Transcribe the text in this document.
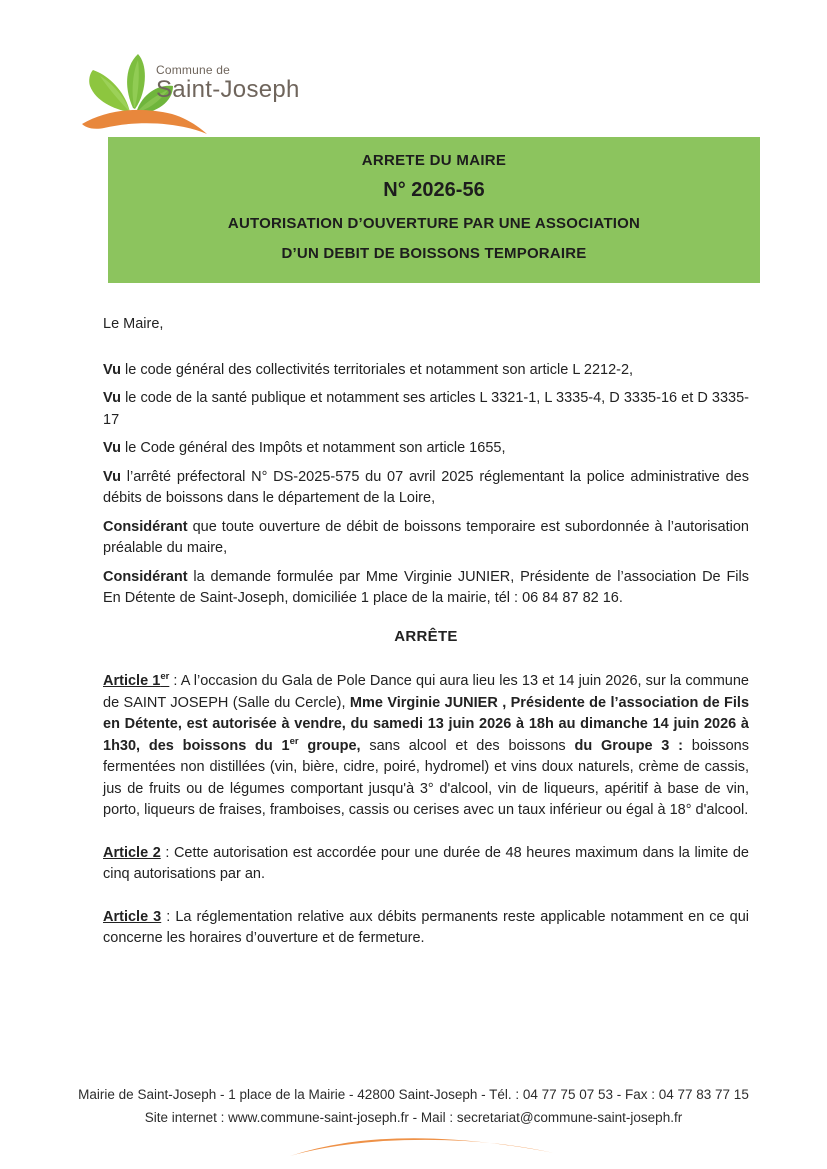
Commune de
Saint-Joseph
ARRETE DU MAIRE
N° 2026-56
AUTORISATION D’OUVERTURE PAR UNE ASSOCIATION
D’UN DEBIT DE BOISSONS TEMPORAIRE

Le Maire,

Vu le code général des collectivités territoriales et notamment son article L 2212-2,

Vu le code de la santé publique et notamment ses articles L 3321-1, L 3335-4, D 3335-16 et D 3335-17

Vu le Code général des Impôts et notamment son article 1655,

Vu l’arrêté préfectoral N° DS-2025-575 du 07 avril 2025 réglementant la police administrative des débits de boissons dans le département de la Loire,

Considérant que toute ouverture de débit de boissons temporaire est subordonnée à l’autorisation préalable du maire,

Considérant la demande formulée par Mme Virginie JUNIER, Présidente de l’association De Fils En Détente de Saint-Joseph, domiciliée 1 place de la mairie, tél : 06 84 87 82 16.

ARRÊTE

Article 1er : A l’occasion du Gala de Pole Dance qui aura lieu les 13 et 14 juin 2026, sur la commune de SAINT JOSEPH (Salle du Cercle), Mme Virginie JUNIER , Présidente de l’association de Fils en Détente, est autorisée à vendre, du samedi 13 juin 2026 à 18h au dimanche 14 juin 2026 à 1h30, des boissons du 1er groupe, sans alcool et des boissons du Groupe 3 : boissons fermentées non distillées (vin, bière, cidre, poiré, hydromel) et vins doux naturels, crème de cassis, jus de fruits ou de légumes comportant jusqu'à 3° d'alcool, vin de liqueurs, apéritif à base de vin, porto, liqueurs de fraises, framboises, cassis ou cerises avec un taux inférieur ou égal à 18° d'alcool.

Article 2 : Cette autorisation est accordée pour une durée de 48 heures maximum dans la limite de cinq autorisations par an.

Article 3 : La réglementation relative aux débits permanents reste applicable notamment en ce qui concerne les horaires d’ouverture et de fermeture.

Mairie de Saint-Joseph - 1 place de la Mairie - 42800 Saint-Joseph - Tél. : 04 77 75 07 53 - Fax : 04 77 83 77 15
Site internet : www.commune-saint-joseph.fr - Mail : secretariat@commune-saint-joseph.fr
